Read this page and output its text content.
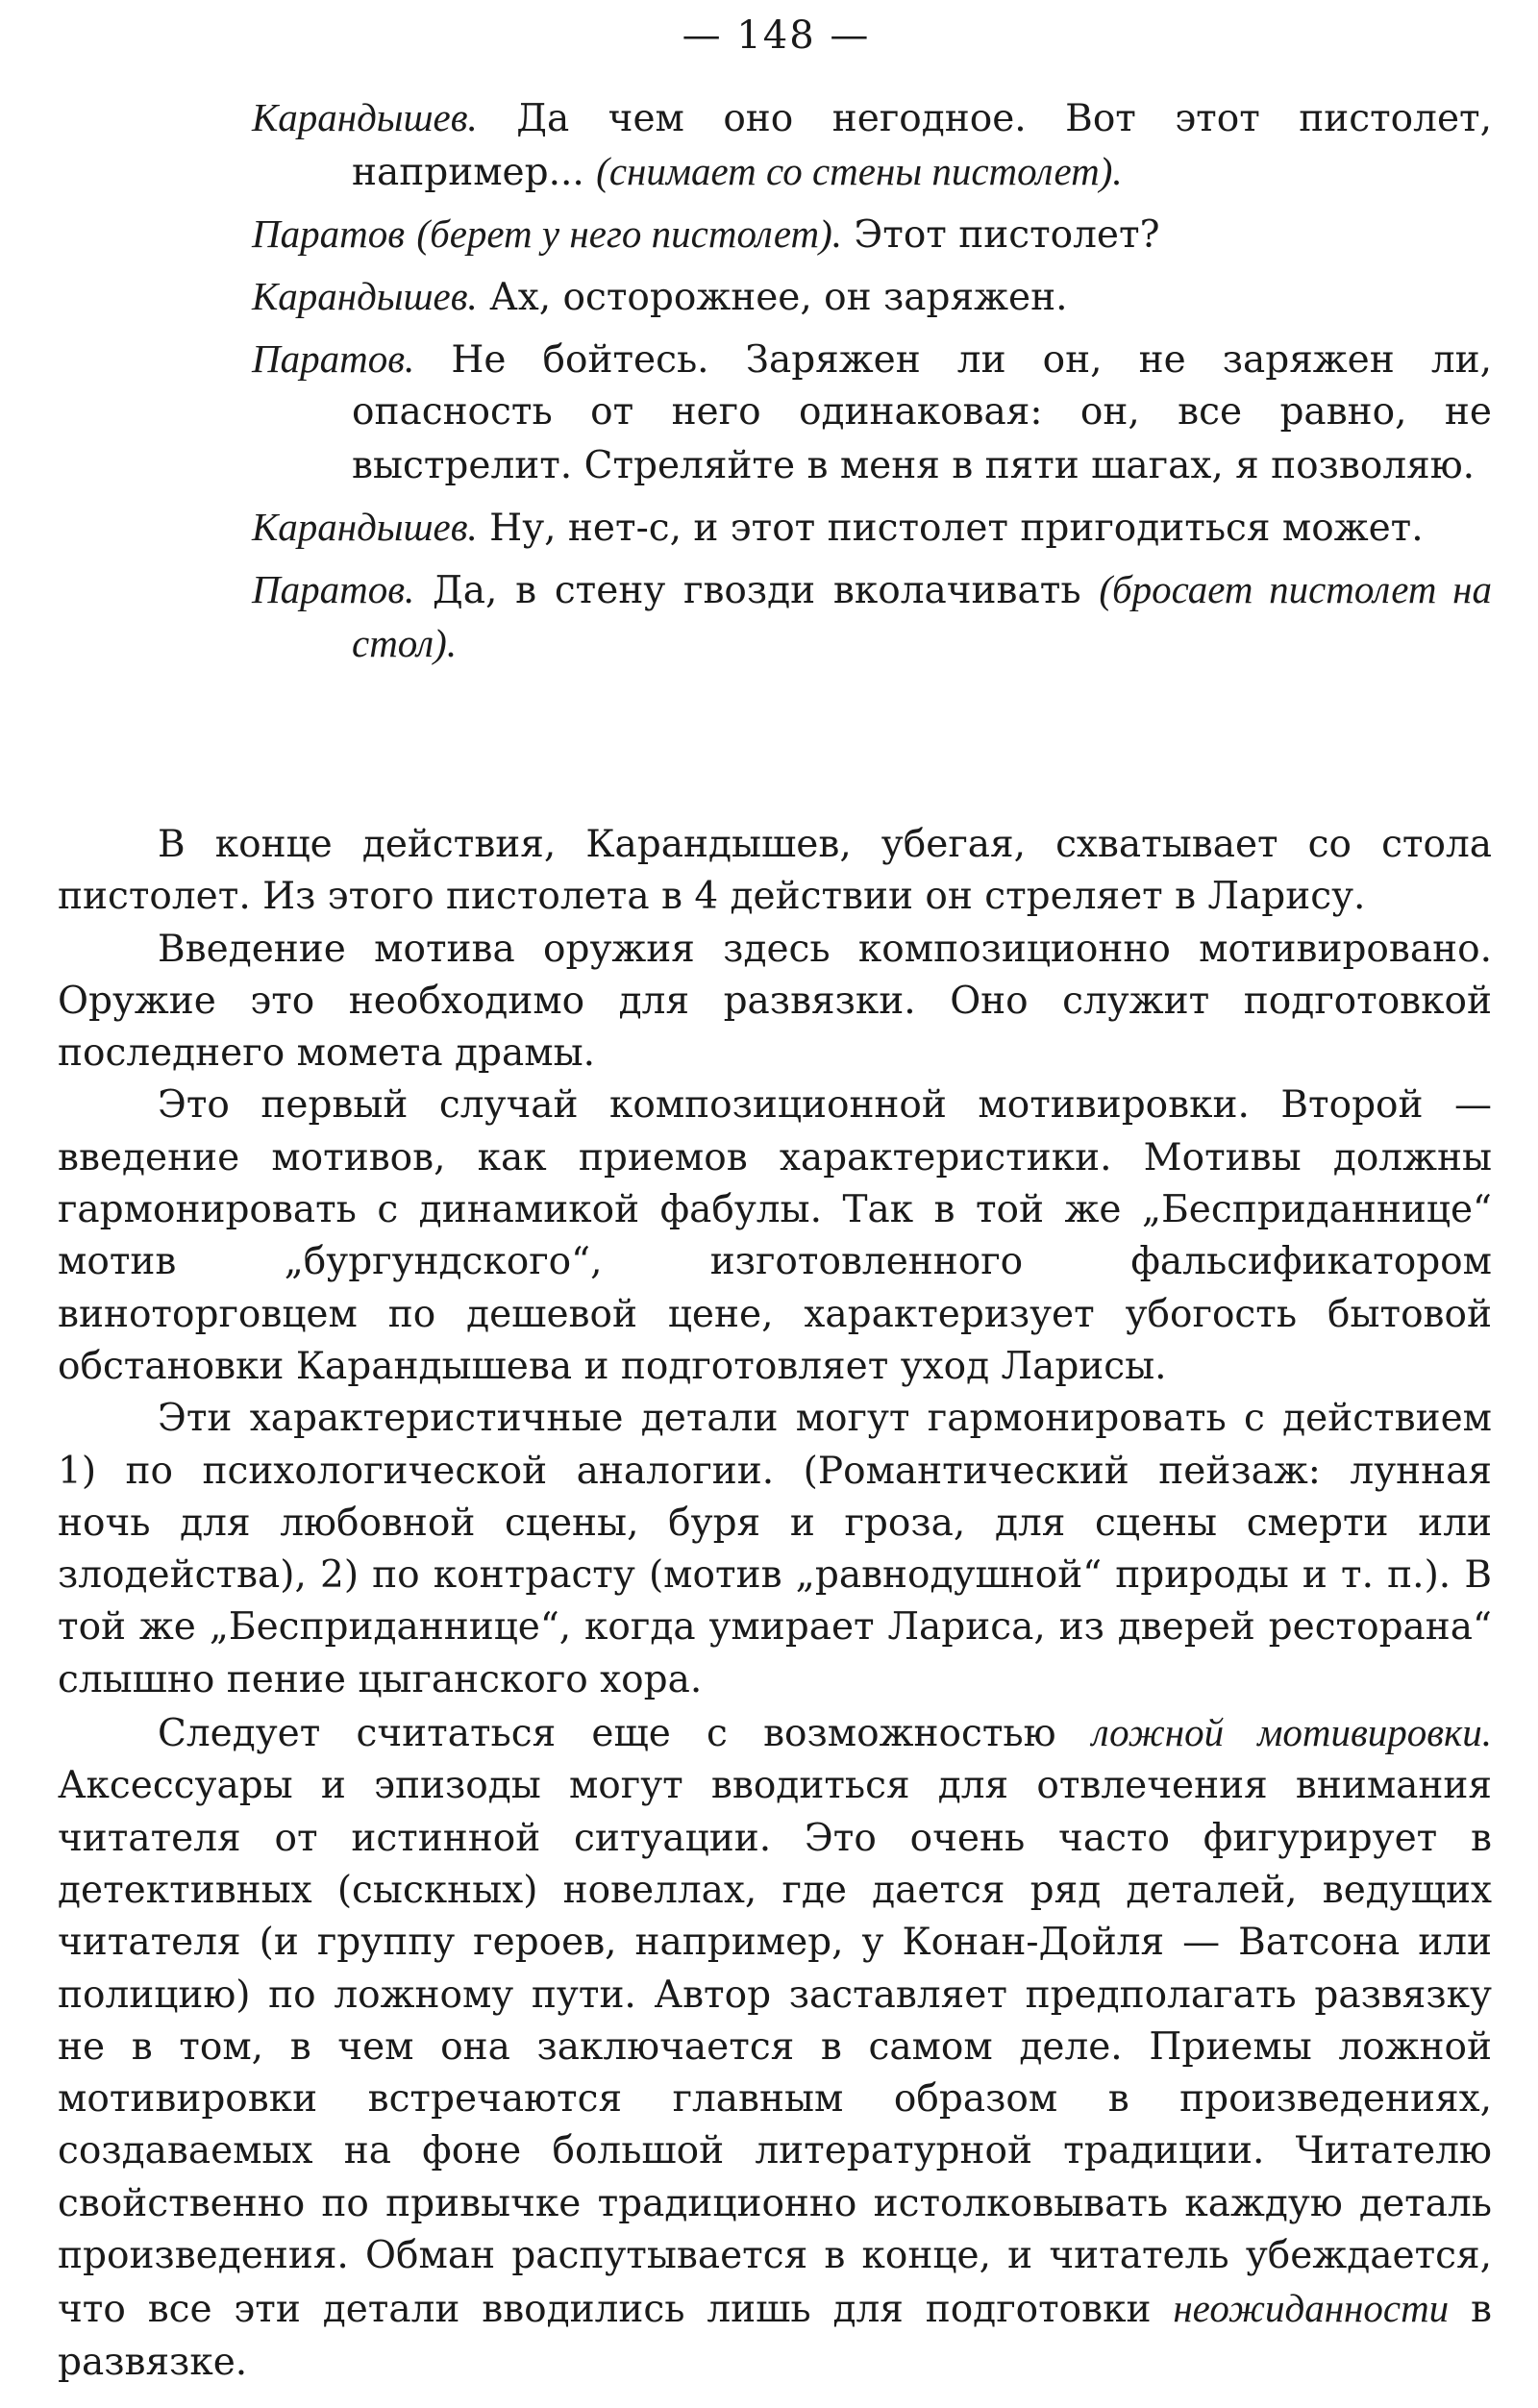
— 148 —

Карандышев. Да чем оно негодное. Вот этот пистолет, например... (снимает со стены пистолет).

Паратов (берет у него пистолет). Этот пистолет?

Карандышев. Ах, осторожнее, он заряжен.

Паратов. Не бойтесь. Заряжен ли он, не заряжен ли, опасность от него одинаковая: он, все равно, не выстрелит. Стреляйте в меня в пяти шагах, я позволяю.

Карандышев. Ну, нет-с, и этот пистолет пригодиться может.

Паратов. Да, в стену гвозди вколачивать (бросает пистолет на стол).

В конце действия, Карандышев, убегая, схватывает со стола пистолет. Из этого пистолета в 4 действии он стреляет в Ларису.

Введение мотива оружия здесь композиционно мотивировано. Оружие это необходимо для развязки. Оно служит подготовкой последнего момета драмы.

Это первый случай композиционной мотивировки. Второй — введение мотивов, как приемов характеристики. Мотивы должны гармонировать с динамикой фабулы. Так в той же „Бесприданнице“ мотив „бургундского“, изготовленного фальсификатором виноторговцем по дешевой цене, характеризует убогость бытовой обстановки Карандышева и подготовляет уход Ларисы.

Эти характеристичные детали могут гармонировать с действием 1) по психологической аналогии. (Романтический пейзаж: лунная ночь для любовной сцены, буря и гроза, для сцены смерти или злодейства), 2) по контрасту (мотив „равнодушной“ природы и т. п.). В той же „Бесприданнице“, когда умирает Лариса, из дверей ресторана“ слышно пение цыганского хора.

Следует считаться еще с возможностью ложной мотивировки. Аксессуары и эпизоды могут вводиться для отвлечения внимания читателя от истинной ситуации. Это очень часто фигурирует в детективных (сыскных) новеллах, где дается ряд деталей, ведущих читателя (и группу героев, например, у Конан-Дойля — Ватсона или полицию) по ложному пути. Автор заставляет предполагать развязку не в том, в чем она заключается в самом деле. Приемы ложной мотивировки встречаются главным образом в произведениях, создаваемых на фоне большой литературной традиции. Читателю свойственно по привычке традиционно истолковывать каждую деталь произведения. Обман распутывается в конце, и читатель убеждается, что все эти детали вводились лишь для подготовки неожиданности в развязке.
